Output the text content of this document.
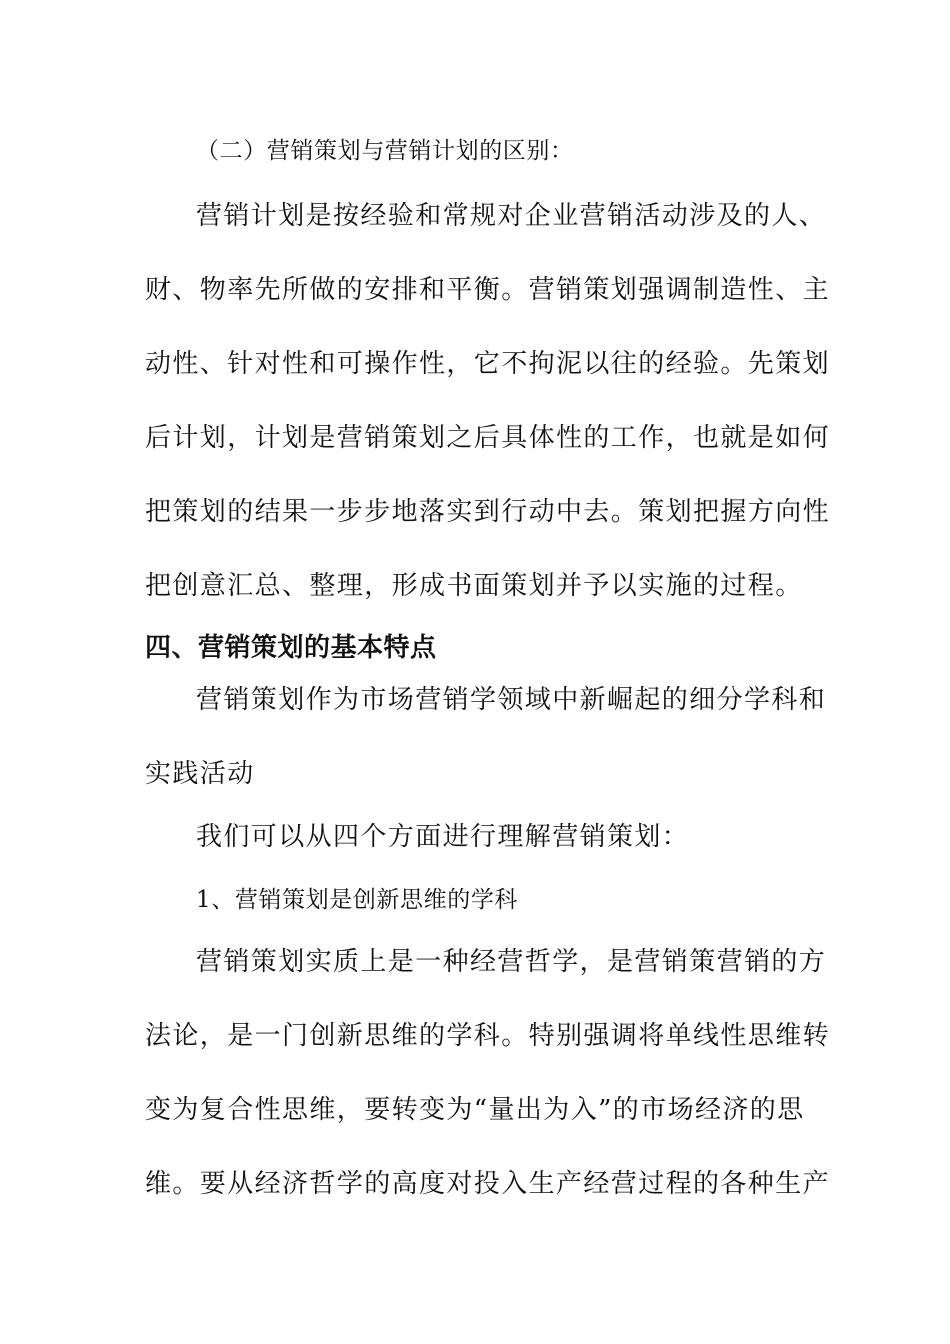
（二）营销策划与营销计划的区别：
营销计划是按经验和常规对企业营销活动涉及的人、
财、物率先所做的安排和平衡。营销策划强调制造性、主
动性、针对性和可操作性，它不拘泥以往的经验。先策划
后计划，计划是营销策划之后具体性的工作，也就是如何
把策划的结果一步步地落实到行动中去。策划把握方向性
把创意汇总、整理，形成书面策划并予以实施的过程。
四、营销策划的基本特点
营销策划作为市场营销学领域中新崛起的细分学科和
实践活动
我们可以从四个方面进行理解营销策划：
1、营销策划是创新思维的学科
营销策划实质上是一种经营哲学，是营销策营销的方
法论，是一门创新思维的学科。特别强调将单线性思维转
变为复合性思维，要转变为“量出为入”的市场经济的思
维。要从经济哲学的高度对投入生产经营过程的各种生产
